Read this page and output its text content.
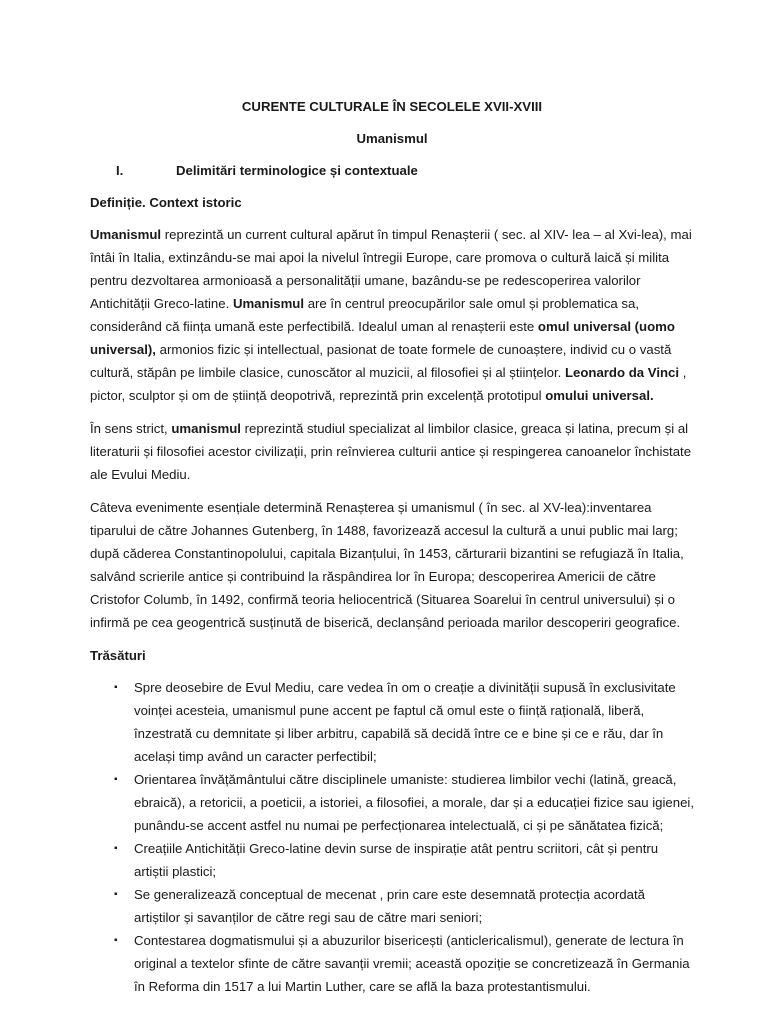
CURENTE CULTURALE ÎN SECOLELE XVII-XVIII
Umanismul
I.	Delimitări terminologice și contextuale
Definiție. Context istoric

Umanismul reprezintă un current cultural apărut în timpul Renașterii ( sec. al XIV- lea – al Xvi-lea), mai întâi în Italia, extinzându-se mai apoi la nivelul întregii Europe, care promova o cultură laică și milita pentru dezvoltarea armonioasă a personalității umane, bazându-se pe redescoperirea valorilor Antichității Greco-latine. Umanismul are în centrul preocupărilor sale omul și problematica sa, considerând că ființa umană este perfectibilă. Idealul uman al renașterii este omul universal (uomo universal), armonios fizic și intellectual, pasionat de toate formele de cunoaștere, individ cu o vastă cultură, stăpân pe limbile clasice, cunoscător al muzicii, al filosofiei și al științelor. Leonardo da Vinci , pictor, sculptor și om de știință deopotrivă, reprezintă prin excelență prototipul omului universal.

În sens strict, umanismul reprezintă studiul specializat al limbilor clasice, greaca și latina, precum și al literaturii și filosofiei acestor civilizații, prin reînvierea culturii antice și respingerea canoanelor închistate ale Evului Mediu.

Câteva evenimente esențiale determină Renașterea și umanismul ( în sec. al XV-lea):inventarea tiparului de către Johannes Gutenberg, în 1488, favorizează accesul la cultură a unui public mai larg; după căderea Constantinopolului, capitala Bizanțului, în 1453, cărturarii bizantini se refugiază în Italia, salvând scrierile antice și contribuind la răspândirea lor în Europa; descoperirea Americii de către Cristofor Columb, în 1492, confirmă teoria heliocentrică (Situarea Soarelui în centrul universului) și o infirmă pe cea geogentrică susținută de biserică, declanșând perioada marilor descoperiri geografice.

Trăsături
▪	Spre deosebire de Evul Mediu, care vedea în om o creație a divinității supusă în exclusivitate voinței acesteia, umanismul pune accent pe faptul că omul este o ființă rațională, liberă, înzestrată cu demnitate și liber arbitru, capabilă să decidă între ce e bine și ce e rău, dar în același timp având un caracter perfectibil;
▪	Orientarea învățământului către disciplinele umaniste: studierea limbilor vechi (latină, greacă, ebraică), a retoricii, a poeticii, a istoriei, a filosofiei, a morale, dar și a educației fizice sau igienei, punându-se accent astfel nu numai pe perfecționarea intelectuală, ci și pe sănătatea fizică;
▪	Creațiile Antichității Greco-latine devin surse de inspirație atât pentru scriitori, cât și pentru artiștii plastici;
▪	Se generalizează conceptual de mecenat , prin care este desemnată protecția acordată artiștilor și savanților de către regi sau de către mari seniori;
▪	Contestarea dogmatismului și a abuzurilor bisericești (anticlericalismul), generate de lectura în original a textelor sfinte de către savanții vremii; această opoziție se concretizează în Germania în Reforma din 1517 a lui Martin Luther, care se află la baza protestantismului.
